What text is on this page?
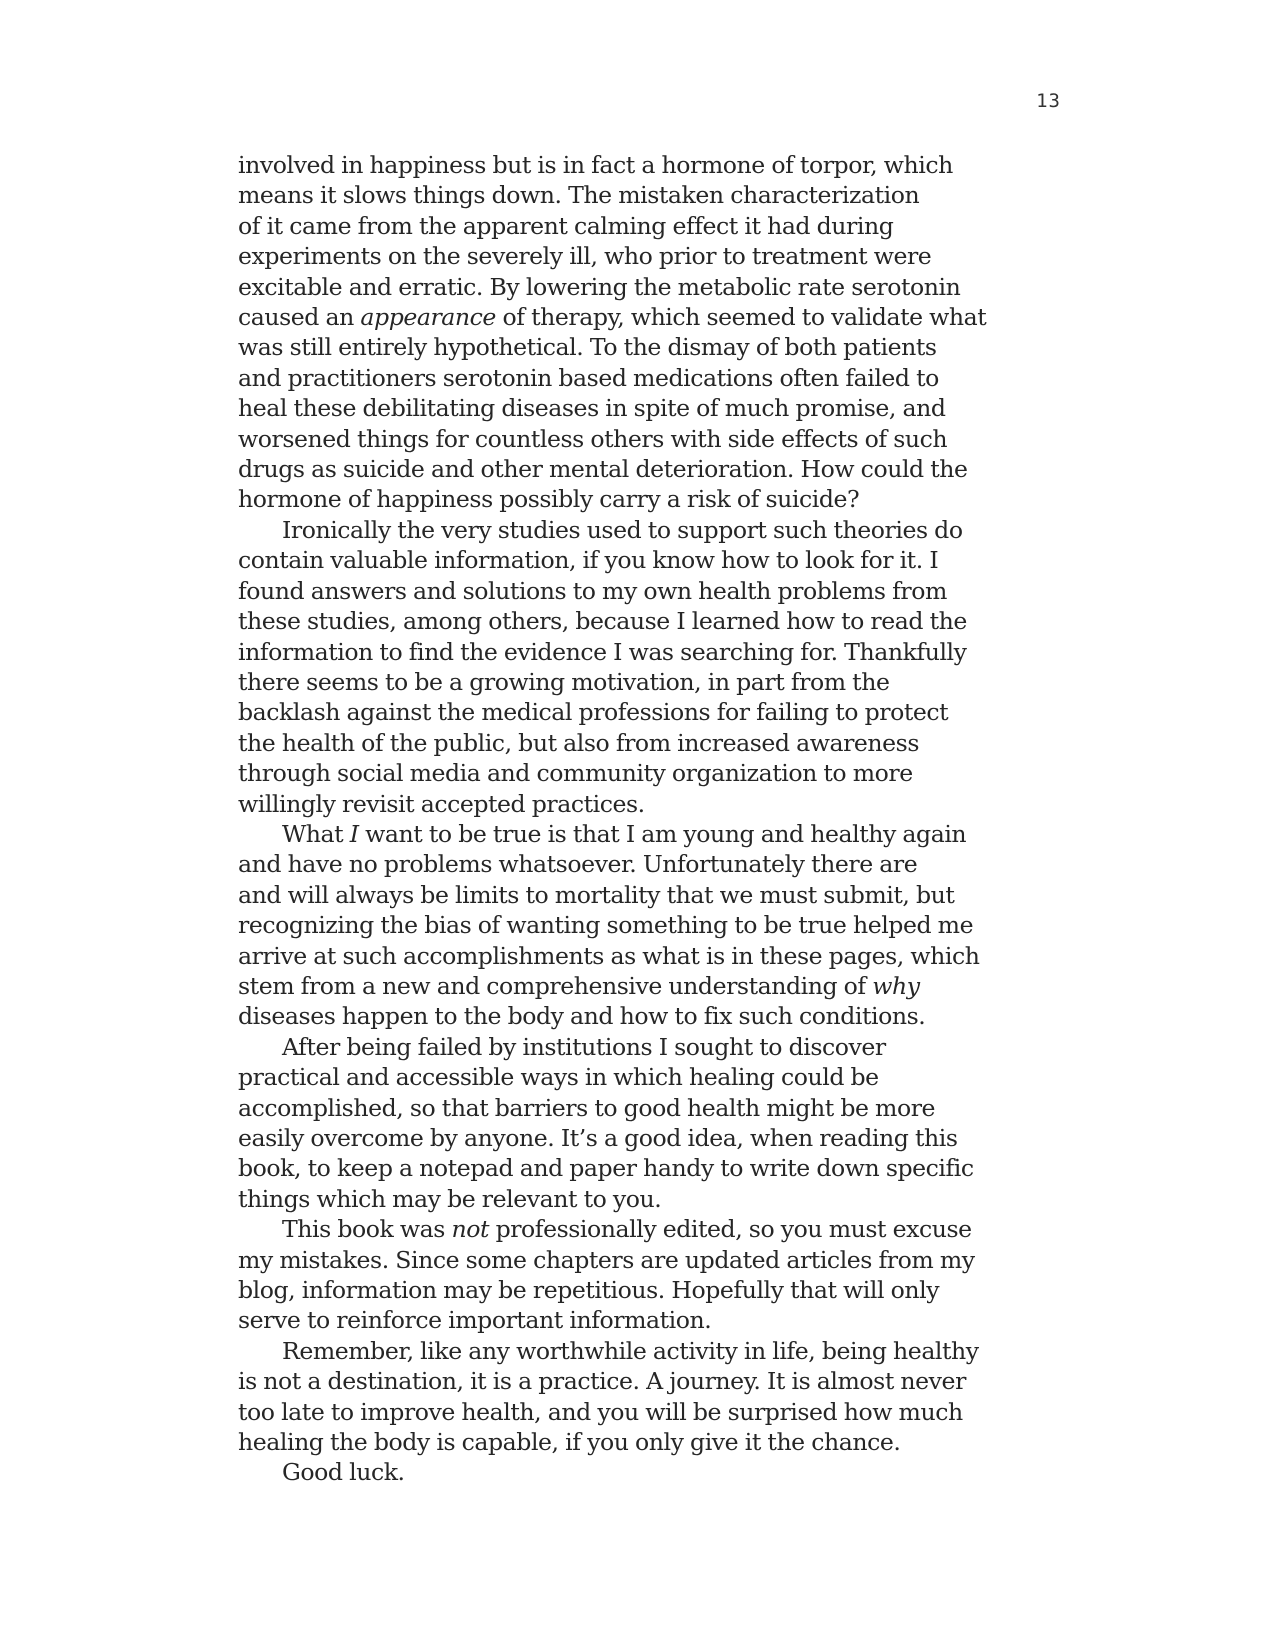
13

involved in happiness but is in fact a hormone of torpor, which
means it slows things down. The mistaken characterization
of it came from the apparent calming effect it had during
experiments on the severely ill, who prior to treatment were
excitable and erratic. By lowering the metabolic rate serotonin
caused an appearance of therapy, which seemed to validate what
was still entirely hypothetical. To the dismay of both patients
and practitioners serotonin based medications often failed to
heal these debilitating diseases in spite of much promise, and
worsened things for countless others with side effects of such
drugs as suicide and other mental deterioration. How could the
hormone of happiness possibly carry a risk of suicide?

Ironically the very studies used to support such theories do
contain valuable information, if you know how to look for it. I
found answers and solutions to my own health problems from
these studies, among others, because I learned how to read the
information to find the evidence I was searching for. Thankfully
there seems to be a growing motivation, in part from the
backlash against the medical professions for failing to protect
the health of the public, but also from increased awareness
through social media and community organization to more
willingly revisit accepted practices.

What I want to be true is that I am young and healthy again
and have no problems whatsoever. Unfortunately there are
and will always be limits to mortality that we must submit, but
recognizing the bias of wanting something to be true helped me
arrive at such accomplishments as what is in these pages, which
stem from a new and comprehensive understanding of why
diseases happen to the body and how to fix such conditions.

After being failed by institutions I sought to discover
practical and accessible ways in which healing could be
accomplished, so that barriers to good health might be more
easily overcome by anyone. It’s a good idea, when reading this
book, to keep a notepad and paper handy to write down specific
things which may be relevant to you.

This book was not professionally edited, so you must excuse
my mistakes. Since some chapters are updated articles from my
blog, information may be repetitious. Hopefully that will only
serve to reinforce important information.

Remember, like any worthwhile activity in life, being healthy
is not a destination, it is a practice. A journey. It is almost never
too late to improve health, and you will be surprised how much
healing the body is capable, if you only give it the chance.

Good luck.
